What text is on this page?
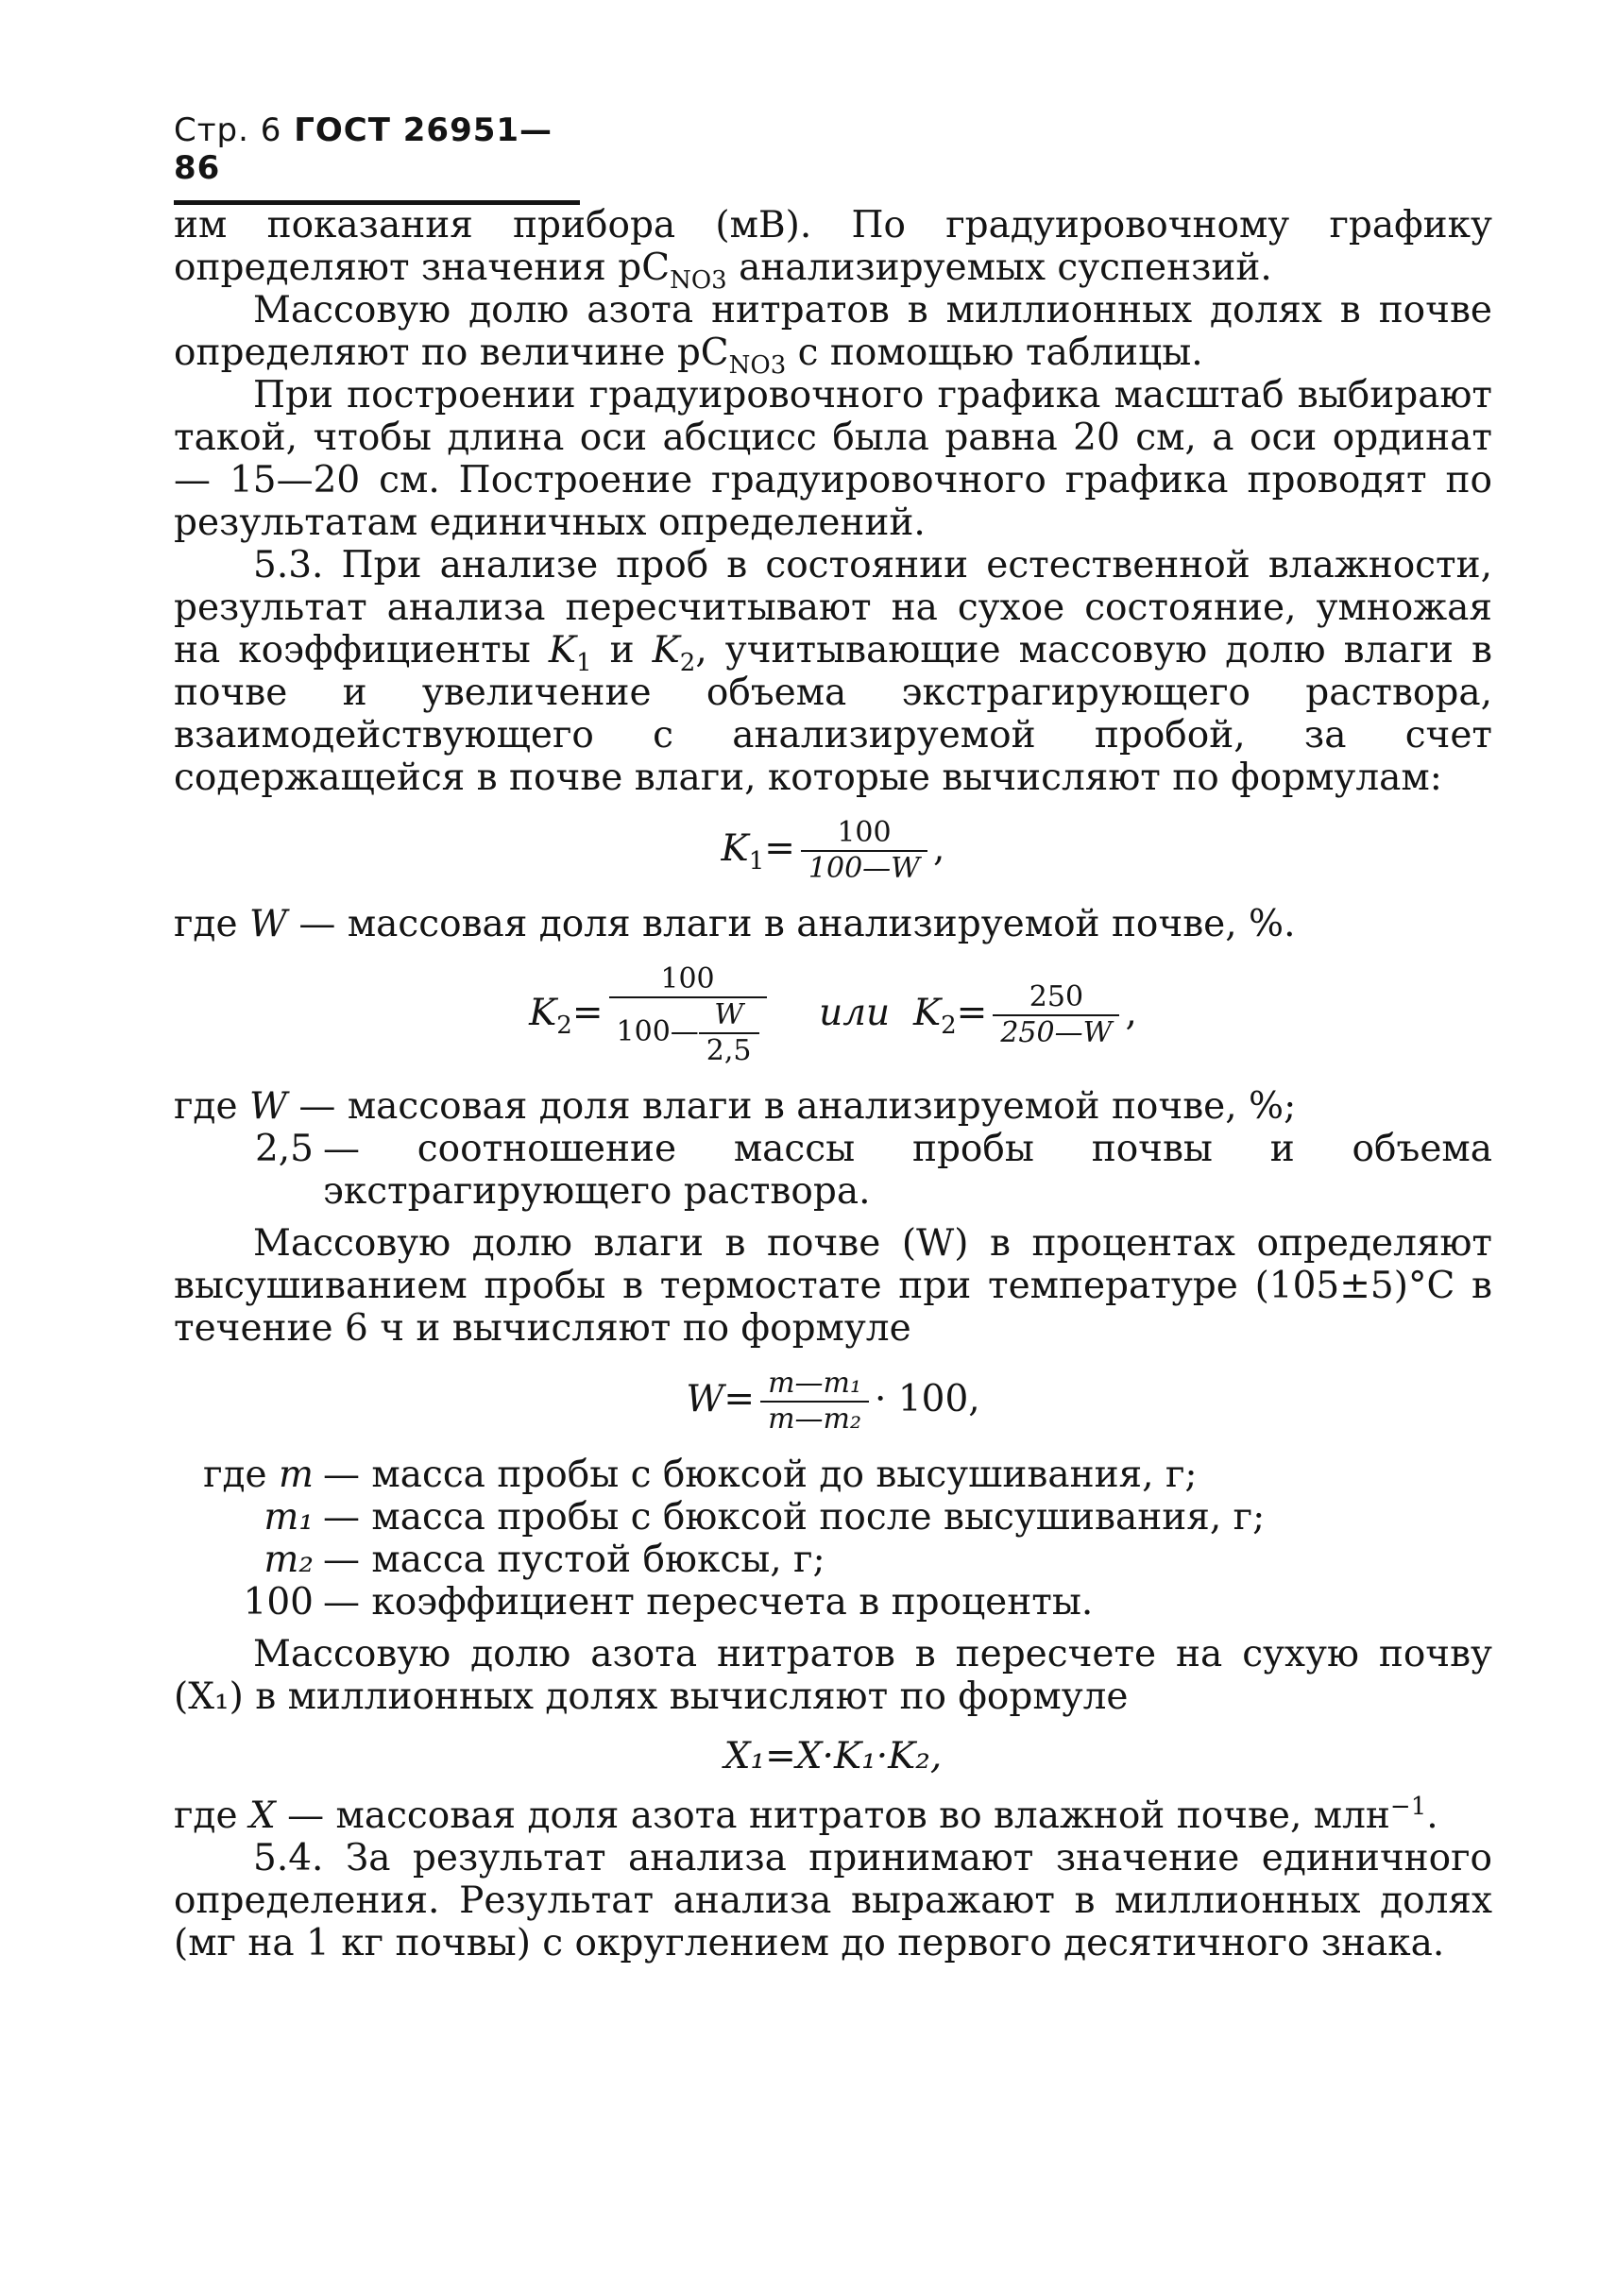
Стр. 6 ГОСТ 26951—86

им показания прибора (мВ). По градуировочному графику определяют значения $pC_{NO3}$ анализируемых суспензий.

Массовую долю азота нитратов в миллионных долях в почве определяют по величине $pC_{NO3}$ с помощью таблицы.

При построении градуировочного графика масштаб выбирают такой, чтобы длина оси абсцисс была равна 20 см, а оси ординат — 15—20 см. Построение градуировочного графика проводят по результатам единичных определений.

5.3. При анализе проб в состоянии естественной влажности, результат анализа пересчитывают на сухое состояние, умножая на коэффициенты $K_1$ и $K_2$, учитывающие массовую долю влаги в почве и увеличение объема экстрагирующего раствора, взаимодействующего с анализируемой пробой, за счет содержащейся в почве влаги, которые вычисляют по формулам:

$K_1= \frac{100}{100—W}$ ,

где W — массовая доля влаги в анализируемой почве, %.

$K_2= \frac{100}{100— \frac{W}{2,5}}$ или $K_2= \frac{250}{250—W}$ ,

где W — массовая доля влаги в анализируемой почве, %;

2,5 — соотношение массы пробы почвы и объема экстрагирующего раствора.

Массовую долю влаги в почве (W) в процентах определяют высушиванием пробы в термостате при температуре (105±5)°С в течение 6 ч и вычисляют по формуле

$W= \frac{\text{m—m₁}}{\text{m—m₂}} \cdot 100$,
где m — масса пробы с бюксой до высушивания, г;
m₁ — масса пробы с бюксой после высушивания, г;
m₂ — масса пустой бюксы, г;
100 — коэффициент пересчета в проценты.

Массовую долю азота нитратов в пересчете на сухую почву (X₁) в миллионных долях вычисляют по формуле

X₁=X·K₁·K₂,

где X — массовая доля азота нитратов во влажной почве, млн$^{-1}$.

5.4. За результат анализа принимают значение единичного определения. Результат анализа выражают в миллионных долях (мг на 1 кг почвы) с округлением до первого десятичного знака.
